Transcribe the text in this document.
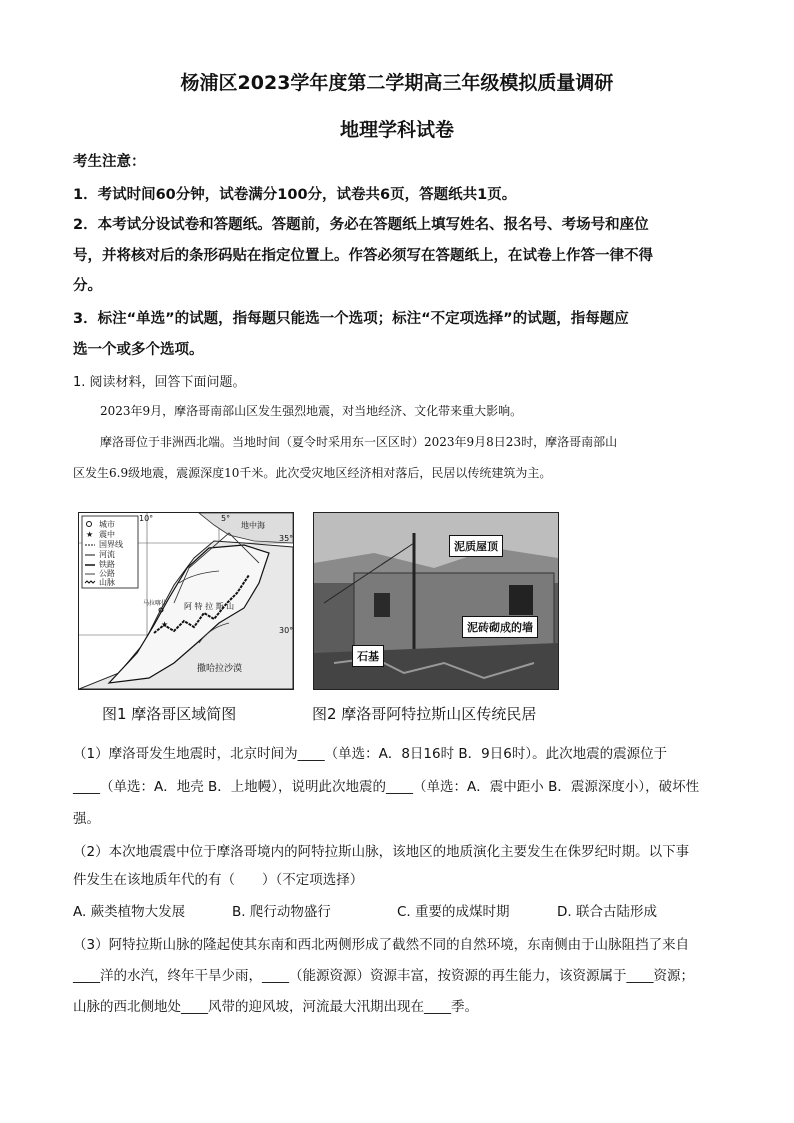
杨浦区2023学年度第二学期高三年级模拟质量调研
地理学科试卷
考生注意：
1．考试时间60分钟，试卷满分100分，试卷共6页，答题纸共1页。
2．本考试分设试卷和答题纸。答题前，务必在答题纸上填写姓名、报名号、考场号和座位
号，并将核对后的条形码贴在指定位置上。作答必须写在答题纸上，在试卷上作答一律不得
分。
3．标注“单选”的试题，指每题只能选一个选项；标注“不定项选择”的试题，指每题应
选一个或多个选项。
1. 阅读材料，回答下面问题。
2023年9月，摩洛哥南部山区发生强烈地震，对当地经济、文化带来重大影响。
摩洛哥位于非洲西北端。当地时间（夏令时采用东一区区时）2023年9月8日23时，摩洛哥南部山
区发生6.9级地震，震源深度10千米。此次受灾地区经济相对落后，民居以传统建筑为主。
城市
★ 震中
国界线
河流
铁路
公路
山脉
10°	5°
35°
30°
地中海
撒哈拉沙漠
阿 特 拉 斯 山
马拉喀什
★
泥质屋顶
泥砖砌成的墙
石基
图1 摩洛哥区域简图	图2 摩洛哥阿特拉斯山区传统民居
（1）摩洛哥发生地震时，北京时间为____（单选：A．8日16时 B．9日6时）。此次地震的震源位于
____（单选：A．地壳 B．上地幔），说明此次地震的____（单选：A．震中距小 B．震源深度小），破坏性
强。
（2）本次地震震中位于摩洛哥境内的阿特拉斯山脉，该地区的地质演化主要发生在侏罗纪时期。以下事
件发生在该地质年代的有（　　）（不定项选择）
A. 蕨类植物大发展	B. 爬行动物盛行	C. 重要的成煤时期	D. 联合古陆形成
（3）阿特拉斯山脉的隆起使其东南和西北两侧形成了截然不同的自然环境，东南侧由于山脉阻挡了来自
____洋的水汽，终年干旱少雨，____（能源资源）资源丰富，按资源的再生能力，该资源属于____资源；
山脉的西北侧地处____风带的迎风坡，河流最大汛期出现在____季。
